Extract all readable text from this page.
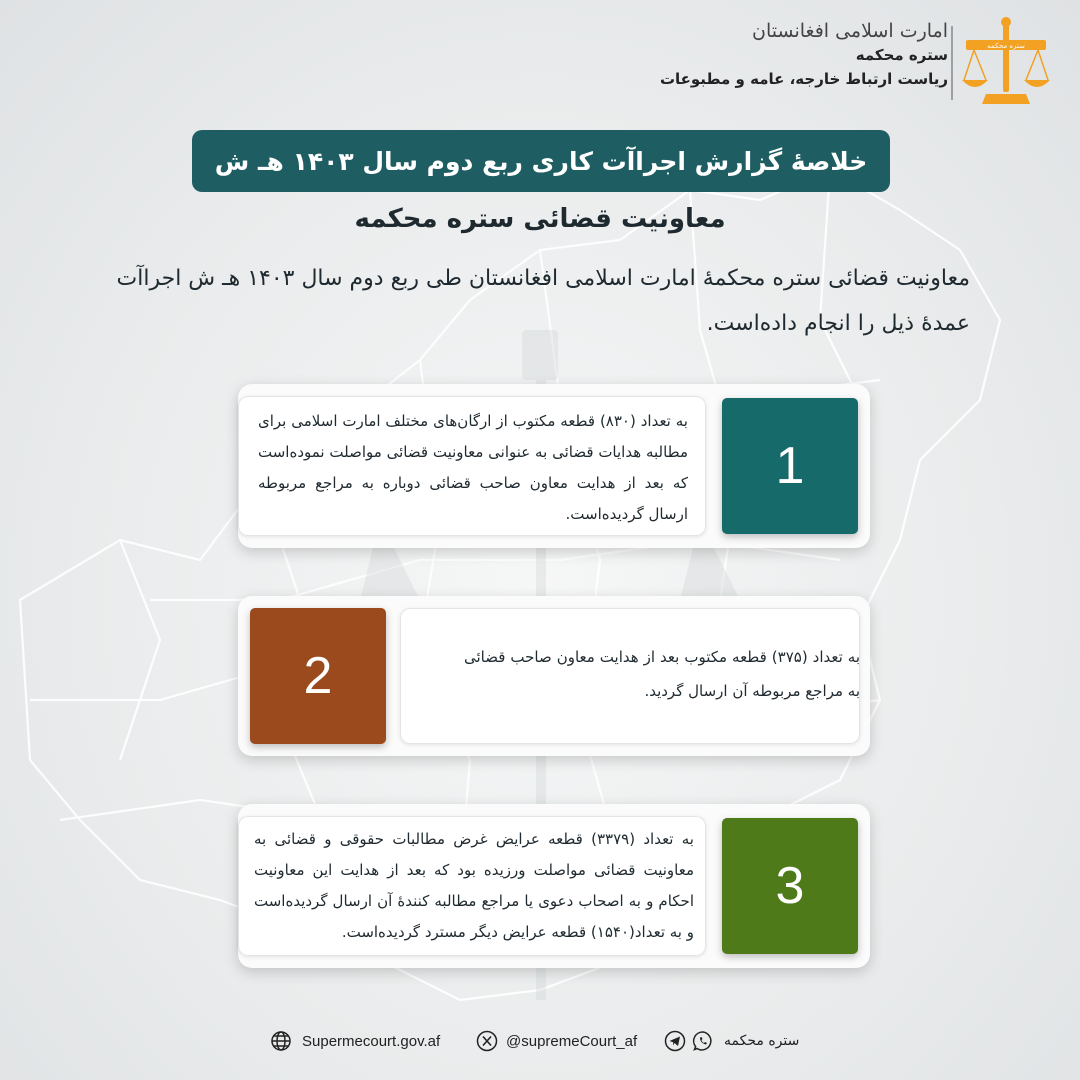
امارت اسلامی افغانستان
ستره محکمه
ریاست ارتباط خارجه، عامه و مطبوعات
ستره محکمه
خلاصۀ گزارش اجراآت کاری ربع دوم سال ۱۴۰۳ هـ ش
معاونیت قضائی ستره محکمه
معاونیت قضائی ستره محکمۀ امارت اسلامی افغانستان طی ربع دوم سال ۱۴۰۳ هـ ش اجراآت عمدۀ ذیل را انجام داده‌است.
به تعداد (۸۳۰) قطعه مکتوب از ارگان‌های مختلف امارت اسلامی برای مطالبه هدایات قضائی به عنوانی معاونیت قضائی مواصلت نموده‌است که بعد از هدایت معاون صاحب قضائی دوباره به مراجع مربوطه ارسال گردیده‌است.
1
2	به تعداد (۳۷۵) قطعه مکتوب بعد از هدایت معاون صاحب قضائی به مراجع مربوطه آن ارسال گردید.
به تعداد (۳۳۷۹) قطعه عرایض غرض مطالبات حقوقی و قضائی به معاونیت قضائی مواصلت ورزیده بود که بعد از هدایت این معاونیت احکام و به اصحاب دعوی یا مراجع مطالبه کنندۀ آن ارسال گردیده‌است و به تعداد(۱۵۴۰) قطعه عرایض دیگر مسترد گردیده‌است.
3
Supermecourt.gov.af	@supremeCourt_af	ستره محکمه
